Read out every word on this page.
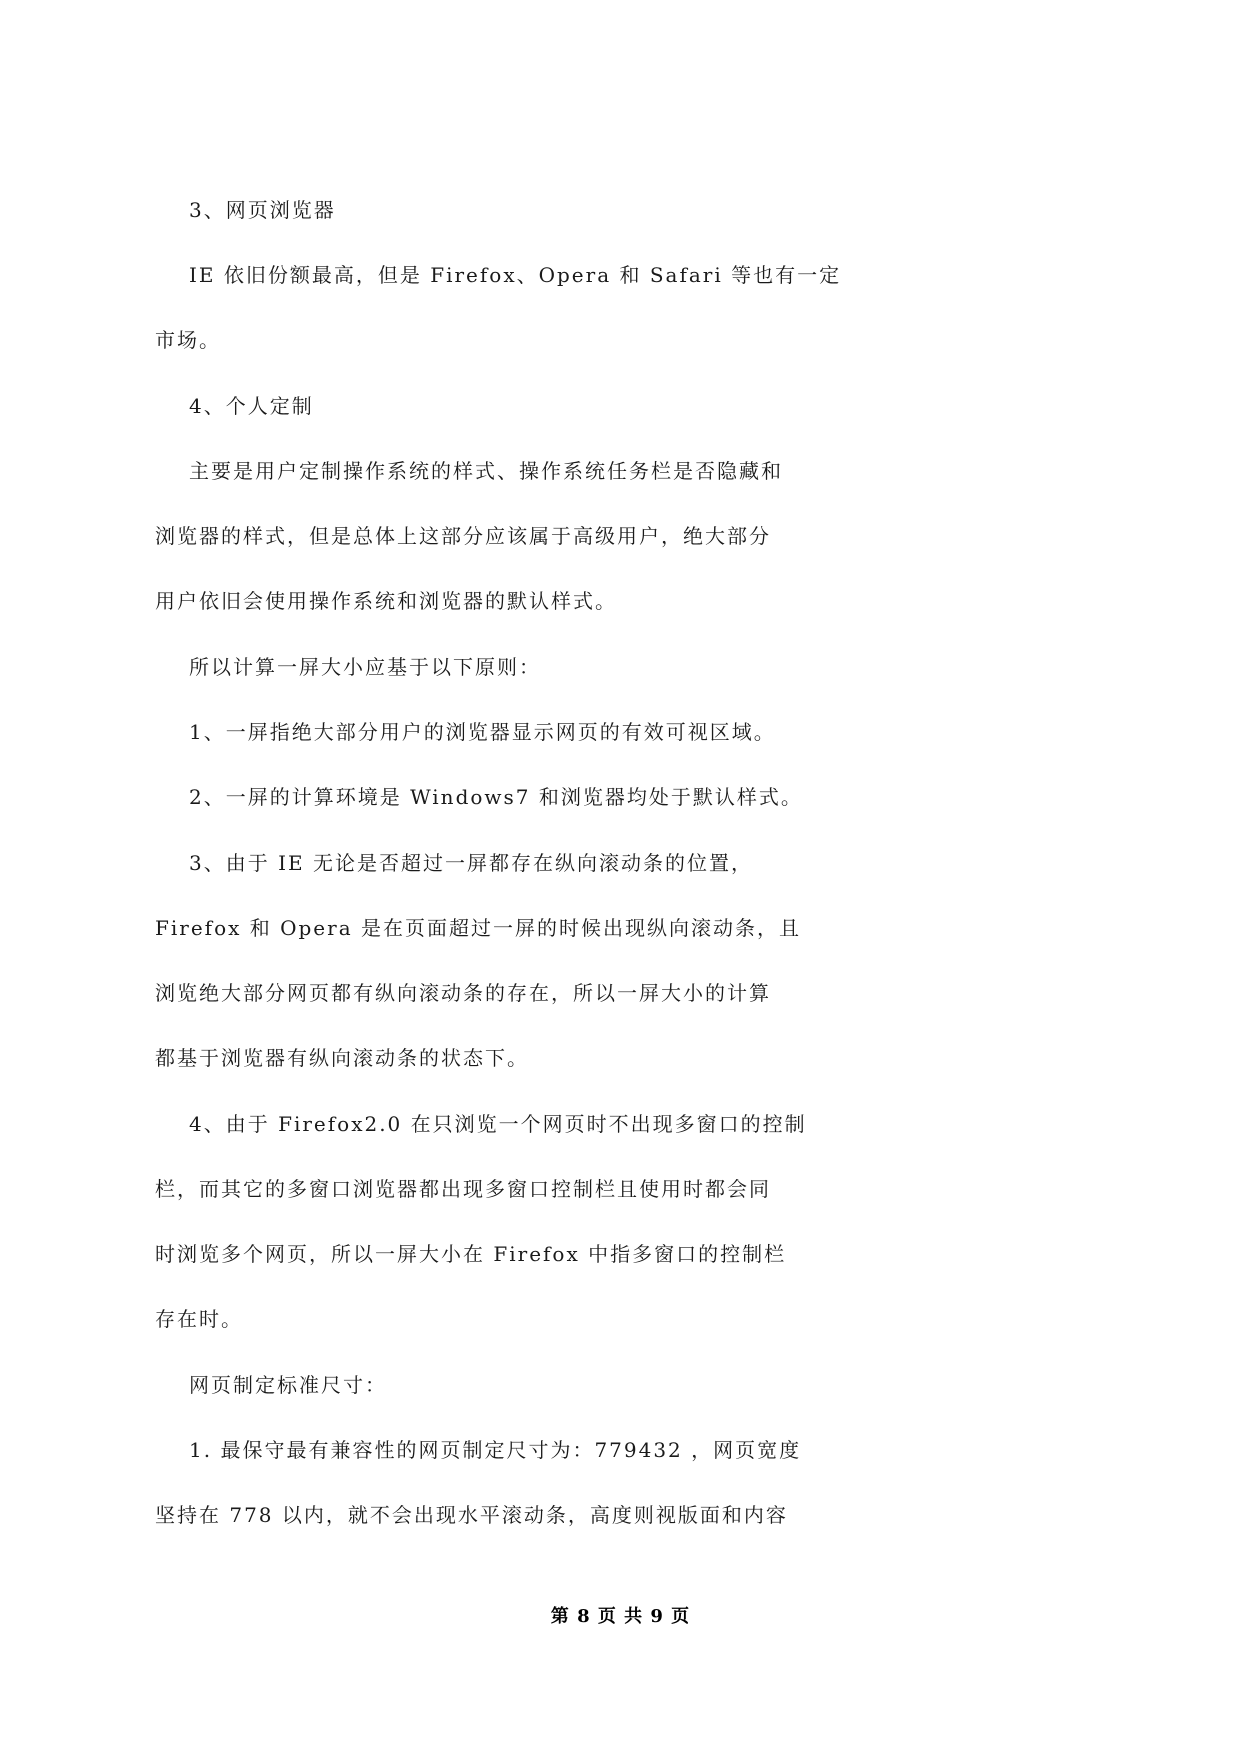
3、网页浏览器
IE 依旧份额最高，但是 Firefox、Opera 和 Safari 等也有一定
市场。
4、个人定制
主要是用户定制操作系统的样式、操作系统任务栏是否隐藏和
浏览器的样式，但是总体上这部分应该属于高级用户，绝大部分
用户依旧会使用操作系统和浏览器的默认样式。
所以计算一屏大小应基于以下原则：
1、一屏指绝大部分用户的浏览器显示网页的有效可视区域。
2、一屏的计算环境是 Windows7 和浏览器均处于默认样式。
3、由于 IE 无论是否超过一屏都存在纵向滚动条的位置，
Firefox 和 Opera 是在页面超过一屏的时候出现纵向滚动条，且
浏览绝大部分网页都有纵向滚动条的存在，所以一屏大小的计算
都基于浏览器有纵向滚动条的状态下。
4、由于 Firefox2.0 在只浏览一个网页时不出现多窗口的控制
栏，而其它的多窗口浏览器都出现多窗口控制栏且使用时都会同
时浏览多个网页，所以一屏大小在 Firefox 中指多窗口的控制栏
存在时。
网页制定标准尺寸：
1. 最保守最有兼容性的网页制定尺寸为：779432 ，网页宽度
坚持在 778 以内，就不会出现水平滚动条，高度则视版面和内容
第 8 页 共 9 页
